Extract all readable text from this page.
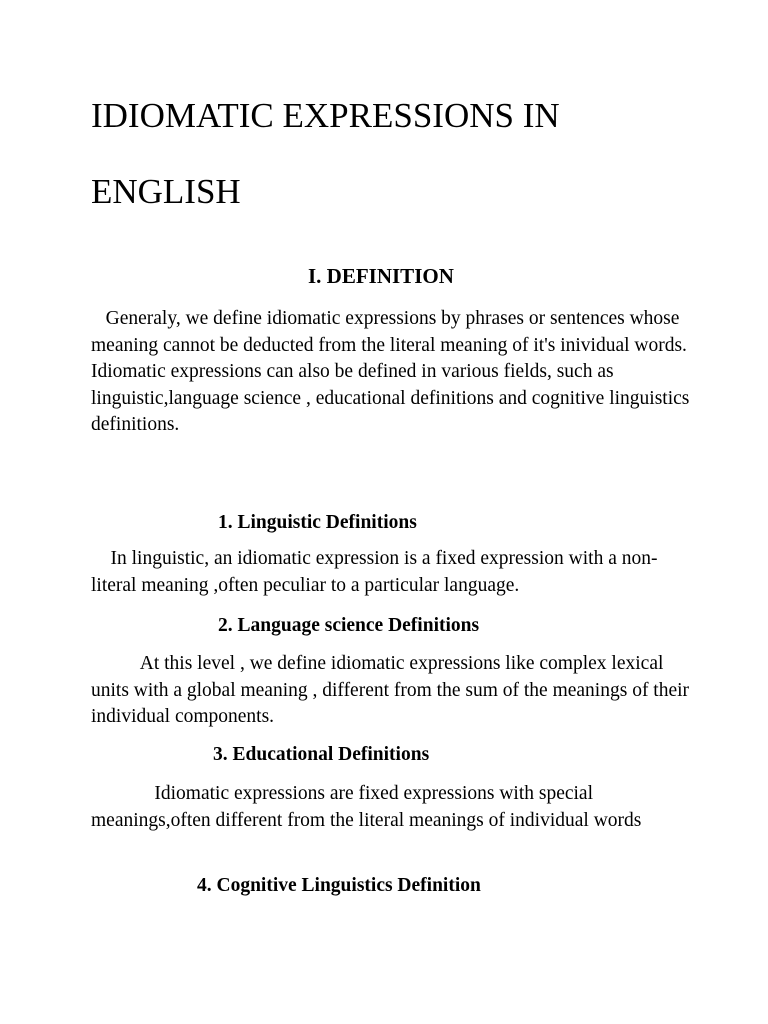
IDIOMATIC EXPRESSIONS IN
ENGLISH
I. DEFINITION

Generaly, we define idiomatic expressions by phrases or sentences whose meaning cannot be deducted from the literal meaning of it's inividual words.  Idiomatic expressions can also be defined in various fields, such as linguistic,language science , educational definitions and cognitive linguistics definitions.

1. Linguistic Definitions

In linguistic, an idiomatic expression is a fixed expression with a non-literal meaning ,often peculiar to a particular language.

2. Language science Definitions

At this level , we define idiomatic expressions like complex lexical units with a global meaning , different from the sum of the meanings of their individual components.

3. Educational Definitions

Idiomatic expressions are fixed expressions with special meanings,often different from the literal meanings of individual words

4. Cognitive Linguistics Definition
